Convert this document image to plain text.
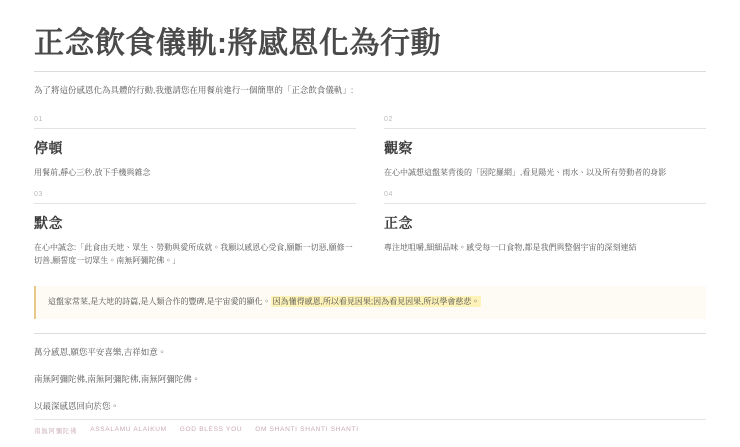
正念飲食儀軌:將感恩化為行動

為了將這份感恩化為具體的行動,我邀請您在用餐前進行一個簡單的「正念飲食儀軌」:

01
停頓
用餐前,靜心三秒,放下手機與雜念
02
觀察
在心中誠想這盤菜背後的「因陀羅網」,看見陽光、雨水、以及所有勞動者的身影
03
默念
在心中誠念:「此食由天地、眾生、勞動與愛所成就。我願以感恩心受食,願斷一切惡,願修一切善,願誓度一切眾生。南無阿彌陀佛。」
04
正念
專注地咀嚼,細細品味。感受每一口食物,都是我們與整個宇宙的深刻連結
這盤家常菜,是大地的詩篇,是人類合作的豐碑,是宇宙愛的顯化。 因為懂得感恩,所以看見因果;因為看見因果,所以學會慈悲。
萬分感恩,願您平安喜樂,吉祥如意。
南無阿彌陀佛,南無阿彌陀佛,南無阿彌陀佛。
以最深感恩回向於您。
南無阿彌陀佛 ASSALAMU ALAIKUM GOD BLESS YOU OM SHANTI SHANTI SHANTI
